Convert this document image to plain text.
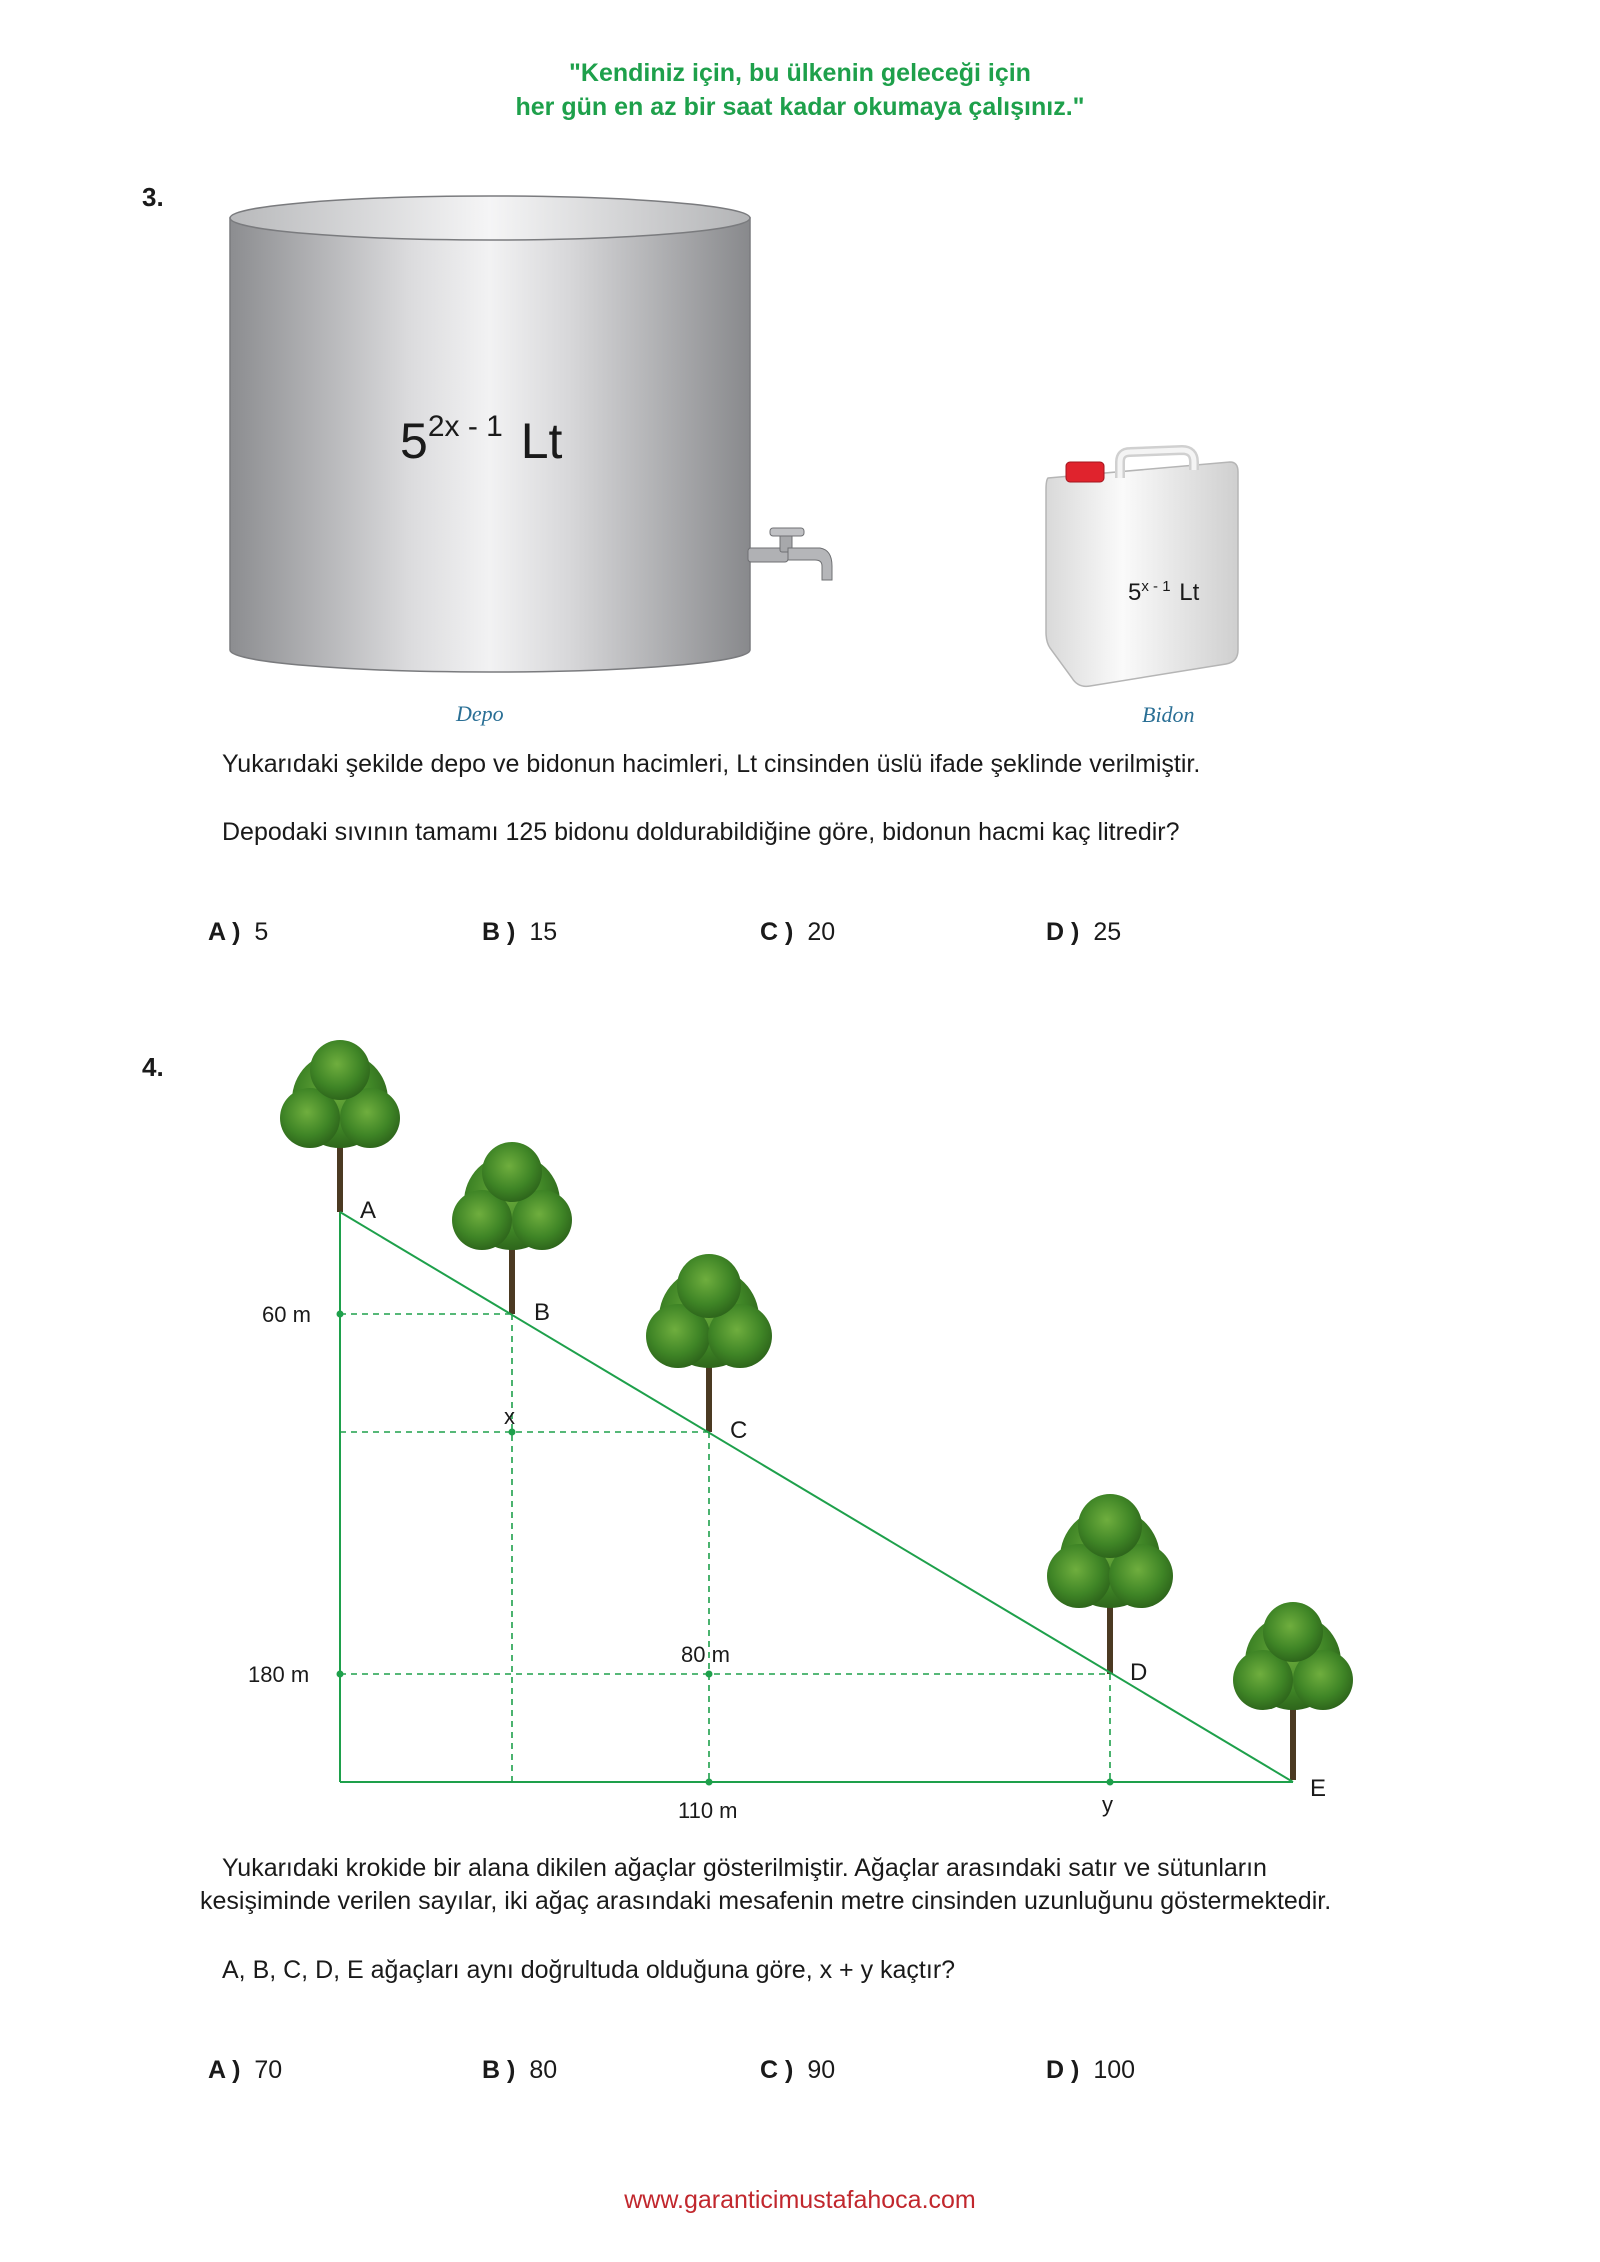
"Kendiniz için, bu ülkenin geleceği için
her gün en az bir saat kadar okumaya çalışınız."
3.
$5^{2x - 1}$ Lt
5$^{x - 1}$ Lt
Depo	Bidon
Yukarıdaki şekilde depo ve bidonun hacimleri, Lt cinsinden üslü ifade şeklinde verilmiştir.
Depodaki sıvının tamamı 125 bidonu doldurabildiğine göre, bidonun hacmi kaç litredir?
A ) 5	B ) 15	C ) 20	D ) 25
4.
A
B
C
D
E
60 m
180 m
x
80 m
110 m	y
Yukarıdaki krokide bir alana dikilen ağaçlar gösterilmiştir. Ağaçlar arasındaki satır ve sütunların
kesişiminde verilen sayılar, iki ağaç arasındaki mesafenin metre cinsinden uzunluğunu göstermektedir.
A, B, C, D, E ağaçları aynı doğrultuda olduğuna göre, x + y kaçtır?
A ) 70	B ) 80	C ) 90	D ) 100
www.garanticimustafahoca.com
